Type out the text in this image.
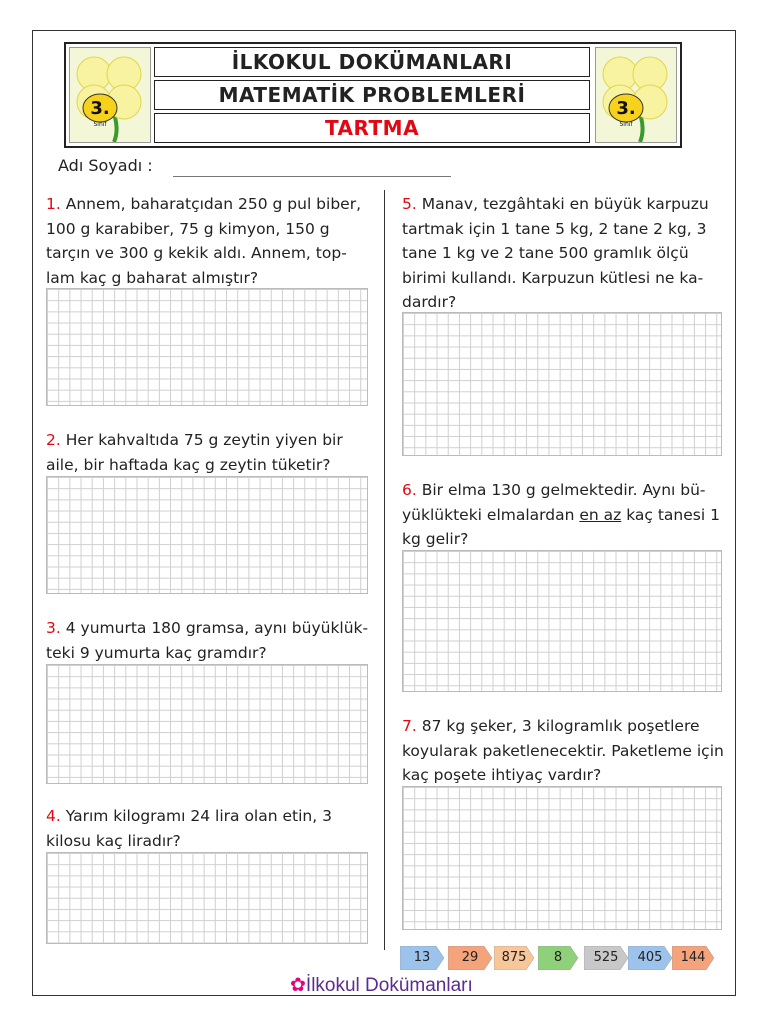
3.
Sınıf
İLKOKUL DOKÜMANLARI
MATEMATİK PROBLEMLERİ
TARTMA
3.
Sınıf
Adı Soyadı :
1. Annem, baharatçıdan 250 g pul biber,
100 g karabiber, 75 g kimyon, 150 g
tarçın ve 300 g kekik aldı. Annem, top-
lam kaç g baharat almıştır?
2. Her kahvaltıda 75 g zeytin yiyen bir
aile, bir haftada kaç g zeytin tüketir?
3. 4 yumurta 180 gramsa, aynı büyüklük-
teki 9 yumurta kaç gramdır?
4. Yarım kilogramı 24 lira olan etin, 3
kilosu kaç liradır?
5. Manav, tezgâhtaki en büyük karpuzu
tartmak için 1 tane 5 kg, 2 tane 2 kg, 3
tane 1 kg ve 2 tane 500 gramlık ölçü
birimi kullandı. Karpuzun kütlesi ne ka-
dardır?
6. Bir elma 130 g gelmektedir. Aynı bü-
yüklükteki elmalardan en az kaç tanesi 1
kg gelir?
7. 87 kg şeker, 3 kilogramlık poşetlere
koyularak paketlenecektir. Paketleme için
kaç poşete ihtiyaç vardır?
13	29	875	8	525	405	144
✿İlkokul Dokümanları
